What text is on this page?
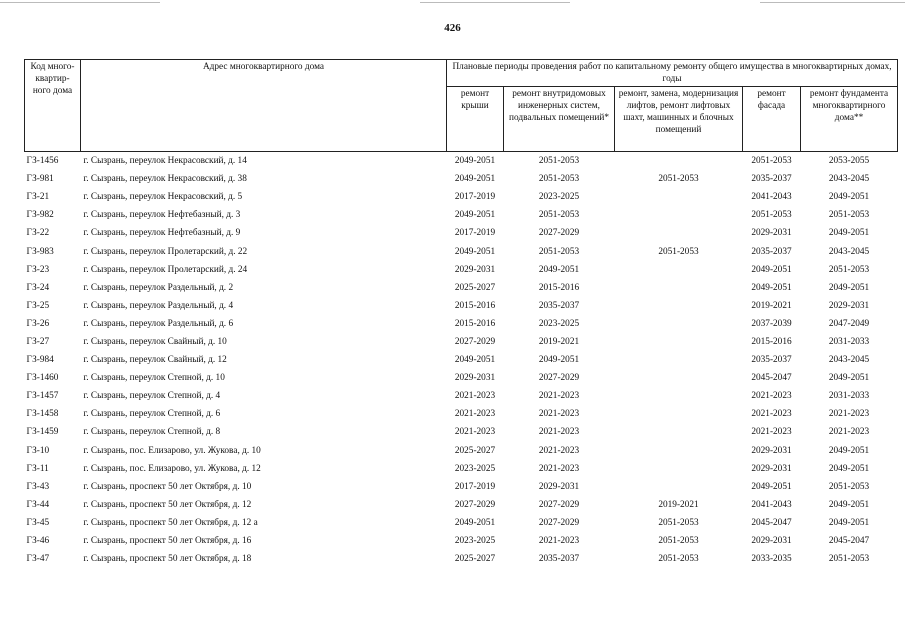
426
Код много-квартир-ного дома	Адрес многоквартирного дома	Плановые периоды проведения работ по капитальному ремонту общего имущества в многоквартирных домах, годы				
		ремонт крыши	ремонт внутридомовых инженерных систем, подвальных помещений*	ремонт, замена, модернизация лифтов, ремонт лифтовых шахт, машинных и блочных помещений	ремонт фасада	ремонт фундамента многоквартирного дома**
ГЗ-1456	г. Сызрань, переулок Некрасовский, д. 14	2049-2051	2051-2053		2051-2053	2053-2055
ГЗ-981	г. Сызрань, переулок Некрасовский, д. 38	2049-2051	2051-2053	2051-2053	2035-2037	2043-2045
ГЗ-21	г. Сызрань, переулок Некрасовский, д. 5	2017-2019	2023-2025		2041-2043	2049-2051
ГЗ-982	г. Сызрань, переулок Нефтебазный, д. 3	2049-2051	2051-2053		2051-2053	2051-2053
ГЗ-22	г. Сызрань, переулок Нефтебазный, д. 9	2017-2019	2027-2029		2029-2031	2049-2051
ГЗ-983	г. Сызрань, переулок Пролетарский, д. 22	2049-2051	2051-2053	2051-2053	2035-2037	2043-2045
ГЗ-23	г. Сызрань, переулок Пролетарский, д. 24	2029-2031	2049-2051		2049-2051	2051-2053
ГЗ-24	г. Сызрань, переулок Раздельный, д. 2	2025-2027	2015-2016		2049-2051	2049-2051
ГЗ-25	г. Сызрань, переулок Раздельный, д. 4	2015-2016	2035-2037		2019-2021	2029-2031
ГЗ-26	г. Сызрань, переулок Раздельный, д. 6	2015-2016	2023-2025		2037-2039	2047-2049
ГЗ-27	г. Сызрань, переулок Свайный, д. 10	2027-2029	2019-2021		2015-2016	2031-2033
ГЗ-984	г. Сызрань, переулок Свайный, д. 12	2049-2051	2049-2051		2035-2037	2043-2045
ГЗ-1460	г. Сызрань, переулок Степной, д. 10	2029-2031	2027-2029		2045-2047	2049-2051
ГЗ-1457	г. Сызрань, переулок Степной, д. 4	2021-2023	2021-2023		2021-2023	2031-2033
ГЗ-1458	г. Сызрань, переулок Степной, д. 6	2021-2023	2021-2023		2021-2023	2021-2023
ГЗ-1459	г. Сызрань, переулок Степной, д. 8	2021-2023	2021-2023		2021-2023	2021-2023
ГЗ-10	г. Сызрань, пос. Елизарово, ул. Жукова, д. 10	2025-2027	2021-2023		2029-2031	2049-2051
ГЗ-11	г. Сызрань, пос. Елизарово, ул. Жукова, д. 12	2023-2025	2021-2023		2029-2031	2049-2051
ГЗ-43	г. Сызрань, проспект 50 лет Октября, д. 10	2017-2019	2029-2031		2049-2051	2051-2053
ГЗ-44	г. Сызрань, проспект 50 лет Октября, д. 12	2027-2029	2027-2029	2019-2021	2041-2043	2049-2051
ГЗ-45	г. Сызрань, проспект 50 лет Октября, д. 12 а	2049-2051	2027-2029	2051-2053	2045-2047	2049-2051
ГЗ-46	г. Сызрань, проспект 50 лет Октября, д. 16	2023-2025	2021-2023	2051-2053	2029-2031	2045-2047
ГЗ-47	г. Сызрань, проспект 50 лет Октября, д. 18	2025-2027	2035-2037	2051-2053	2033-2035	2051-2053
